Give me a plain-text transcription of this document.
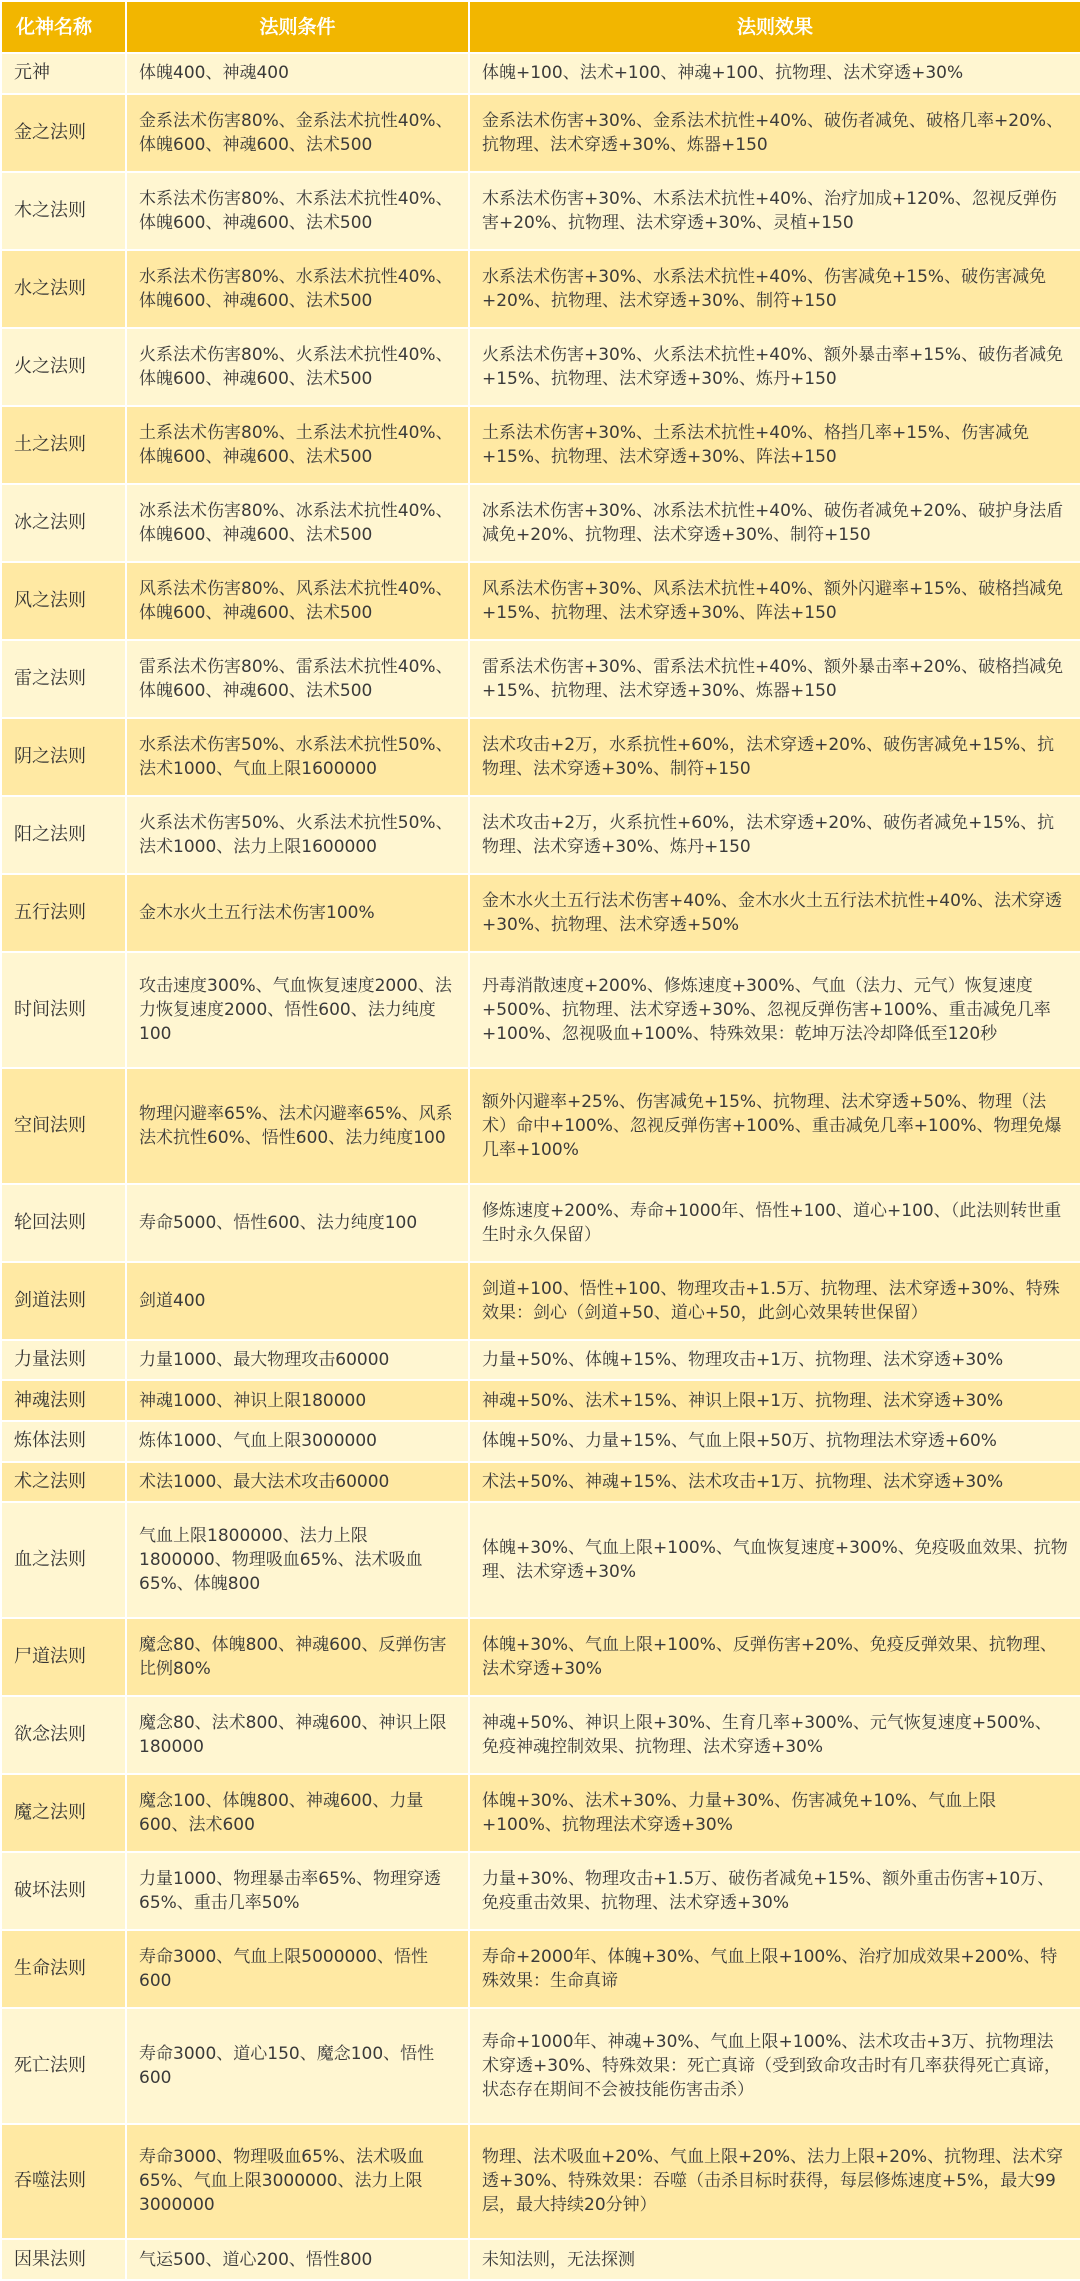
化神名称	法则条件	法则效果
元神	体魄400、神魂400	体魄+100、法术+100、神魂+100、抗物理、法术穿透+30%
金之法则	金系法术伤害80%、金系法术抗性40%、体魄600、神魂600、法术500	金系法术伤害+30%、金系法术抗性+40%、破伤者减免、破格几率+20%、抗物理、法术穿透+30%、炼器+150
木之法则	木系法术伤害80%、木系法术抗性40%、体魄600、神魂600、法术500	木系法术伤害+30%、木系法术抗性+40%、治疗加成+120%、忽视反弹伤害+20%、抗物理、法术穿透+30%、灵植+150
水之法则	水系法术伤害80%、水系法术抗性40%、体魄600、神魂600、法术500	水系法术伤害+30%、水系法术抗性+40%、伤害减免+15%、破伤害减免+20%、抗物理、法术穿透+30%、制符+150
火之法则	火系法术伤害80%、火系法术抗性40%、体魄600、神魂600、法术500	火系法术伤害+30%、火系法术抗性+40%、额外暴击率+15%、破伤者减免+15%、抗物理、法术穿透+30%、炼丹+150
土之法则	土系法术伤害80%、土系法术抗性40%、体魄600、神魂600、法术500	土系法术伤害+30%、土系法术抗性+40%、格挡几率+15%、伤害减免+15%、抗物理、法术穿透+30%、阵法+150
冰之法则	冰系法术伤害80%、冰系法术抗性40%、体魄600、神魂600、法术500	冰系法术伤害+30%、冰系法术抗性+40%、破伤者减免+20%、破护身法盾减免+20%、抗物理、法术穿透+30%、制符+150
风之法则	风系法术伤害80%、风系法术抗性40%、体魄600、神魂600、法术500	风系法术伤害+30%、风系法术抗性+40%、额外闪避率+15%、破格挡减免+15%、抗物理、法术穿透+30%、阵法+150
雷之法则	雷系法术伤害80%、雷系法术抗性40%、体魄600、神魂600、法术500	雷系法术伤害+30%、雷系法术抗性+40%、额外暴击率+20%、破格挡减免+15%、抗物理、法术穿透+30%、炼器+150
阴之法则	水系法术伤害50%、水系法术抗性50%、法术1000、气血上限1600000	法术攻击+2万，水系抗性+60%，法术穿透+20%、破伤害减免+15%、抗物理、法术穿透+30%、制符+150
阳之法则	火系法术伤害50%、火系法术抗性50%、法术1000、法力上限1600000	法术攻击+2万，火系抗性+60%，法术穿透+20%、破伤者减免+15%、抗物理、法术穿透+30%、炼丹+150
五行法则	金木水火土五行法术伤害100%	金木水火土五行法术伤害+40%、金木水火土五行法术抗性+40%、法术穿透+30%、抗物理、法术穿透+50%
时间法则	攻击速度300%、气血恢复速度2000、法力恢复速度2000、悟性600、法力纯度100	丹毒消散速度+200%、修炼速度+300%、气血（法力、元气）恢复速度+500%、抗物理、法术穿透+30%、忽视反弹伤害+100%、重击减免几率+100%、忽视吸血+100%、特殊效果：乾坤万法冷却降低至120秒
空间法则	物理闪避率65%、法术闪避率65%、风系法术抗性60%、悟性600、法力纯度100	额外闪避率+25%、伤害减免+15%、抗物理、法术穿透+50%、物理（法术）命中+100%、忽视反弹伤害+100%、重击减免几率+100%、物理免爆几率+100%
轮回法则	寿命5000、悟性600、法力纯度100	修炼速度+200%、寿命+1000年、悟性+100、道心+100、（此法则转世重生时永久保留）
剑道法则	剑道400	剑道+100、悟性+100、物理攻击+1.5万、抗物理、法术穿透+30%、特殊效果：剑心（剑道+50、道心+50，此剑心效果转世保留）
力量法则	力量1000、最大物理攻击60000	力量+50%、体魄+15%、物理攻击+1万、抗物理、法术穿透+30%
神魂法则	神魂1000、神识上限180000	神魂+50%、法术+15%、神识上限+1万、抗物理、法术穿透+30%
炼体法则	炼体1000、气血上限3000000	体魄+50%、力量+15%、气血上限+50万、抗物理法术穿透+60%
术之法则	术法1000、最大法术攻击60000	术法+50%、神魂+15%、法术攻击+1万、抗物理、法术穿透+30%
血之法则	气血上限1800000、法力上限1800000、物理吸血65%、法术吸血65%、体魄800	体魄+30%、气血上限+100%、气血恢复速度+300%、免疫吸血效果、抗物理、法术穿透+30%
尸道法则	魔念80、体魄800、神魂600、反弹伤害比例80%	体魄+30%、气血上限+100%、反弹伤害+20%、免疫反弹效果、抗物理、法术穿透+30%
欲念法则	魔念80、法术800、神魂600、神识上限180000	神魂+50%、神识上限+30%、生育几率+300%、元气恢复速度+500%、免疫神魂控制效果、抗物理、法术穿透+30%
魔之法则	魔念100、体魄800、神魂600、力量600、法术600	体魄+30%、法术+30%、力量+30%、伤害减免+10%、气血上限+100%、抗物理法术穿透+30%
破坏法则	力量1000、物理暴击率65%、物理穿透65%、重击几率50%	力量+30%、物理攻击+1.5万、破伤者减免+15%、额外重击伤害+10万、免疫重击效果、抗物理、法术穿透+30%
生命法则	寿命3000、气血上限5000000、悟性600	寿命+2000年、体魄+30%、气血上限+100%、治疗加成效果+200%、特殊效果：生命真谛
死亡法则	寿命3000、道心150、魔念100、悟性600	寿命+1000年、神魂+30%、气血上限+100%、法术攻击+3万、抗物理法术穿透+30%、特殊效果：死亡真谛（受到致命攻击时有几率获得死亡真谛，状态存在期间不会被技能伤害击杀）
吞噬法则	寿命3000、物理吸血65%、法术吸血65%、气血上限3000000、法力上限3000000	物理、法术吸血+20%、气血上限+20%、法力上限+20%、抗物理、法术穿透+30%、特殊效果：吞噬（击杀目标时获得，每层修炼速度+5%，最大99层，最大持续20分钟）
因果法则	气运500、道心200、悟性800	未知法则，无法探测
